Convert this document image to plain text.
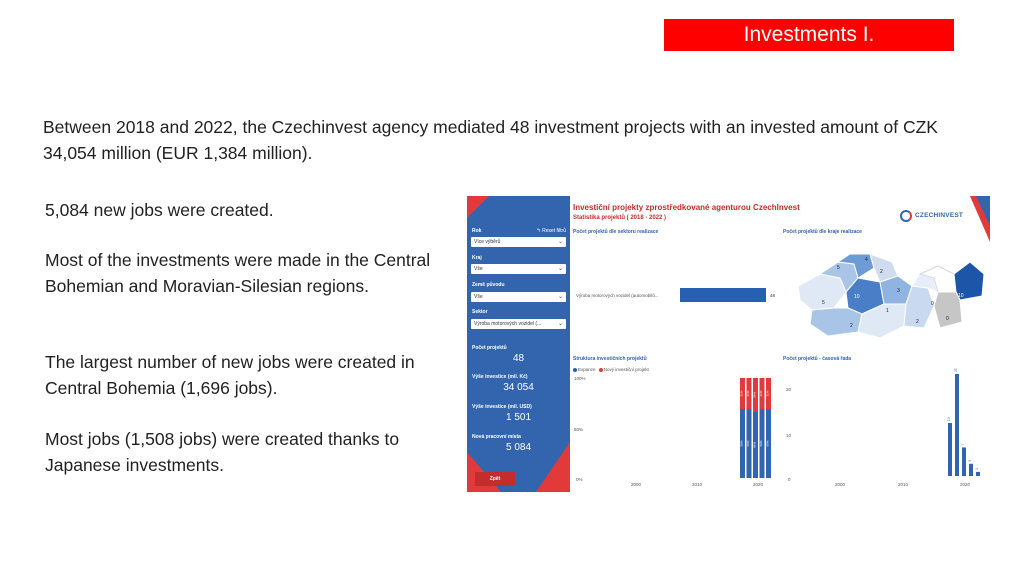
Investments I.
Between 2018 and 2022, the Czechinvest agency mediated 48 investment projects with an invested amount of CZK 34,054 million (EUR 1,384 million).
5,084 new jobs were created.
Most of the investments were made in the Central Bohemian and Moravian-Silesian regions.
The largest number of new jobs were created in Central Bohemia (1,696 jobs).
Most jobs (1,508 jobs) were created thanks to Japanese investments.
↰ Reset filtrů
Rok
Více výběrů	⌄
Kraj
Vše	⌄
Země původu
Vše	⌄
Sektor
Výroba motorových vozidel (...	⌄
Počet projektů
48
Výše investice (mil. Kč)
34 054
Výše investice (mil. USD)
1 501
Nová pracovní místa
5 084
Zpět
Investiční projekty zprostředkované agenturou CzechInvest
Statistika projektů ( 2018 - 2022 )	CZECHINVEST
Počet projektů dle sektoru realizace
Výroba motorových vozidel (automobilů...	48
Počet projektů dle kraje realizace
4
5
2
3
10
5
1
0
10
2
2	0
Struktura investičních projektů
Expanze Nový investiční projekt
100%
50%
0%
2000	2010	2020
69%
31%
69%
31%
66%
34%
69%
31%
69%
31%
Počet projektů - časová řada
20
10
0
2000	2010	2020
13
25
7
3
1
